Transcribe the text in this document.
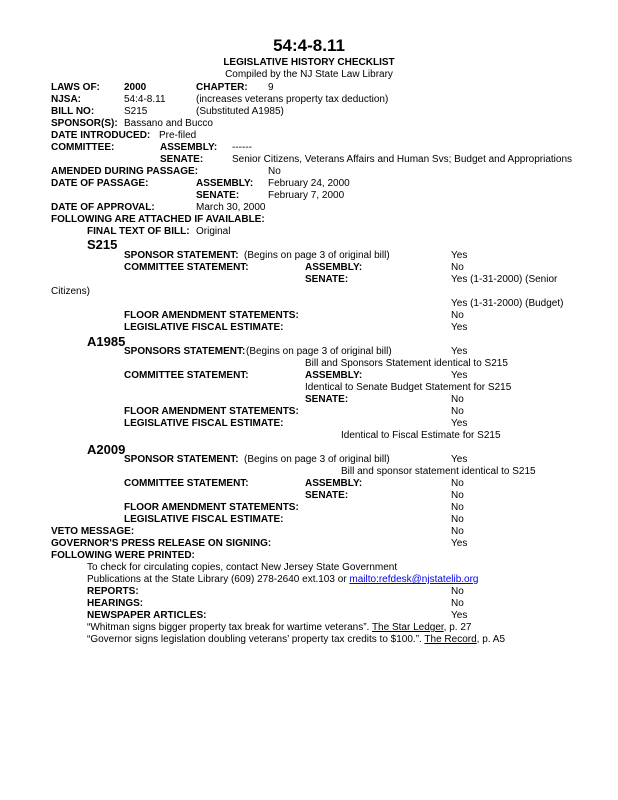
54:4-8.11
LEGISLATIVE HISTORY CHECKLIST
Compiled by the NJ State Law Library
LAWS OF: 2000	CHAPTER: 9
NJSA:	54:4-8.11	(increases veterans property tax deduction)
BILL NO:	S215	(Substituted A1985)
SPONSOR(S): Bassano and Bucco
DATE INTRODUCED: Pre-filed
COMMITTEE:	ASSEMBLY: ------
SENATE:	Senior Citizens, Veterans Affairs and Human Svs; Budget and Appropriations
AMENDED DURING PASSAGE:	No
DATE OF PASSAGE:	ASSEMBLY: February 24, 2000
SENATE:	February 7, 2000
DATE OF APPROVAL:	March 30, 2000
FOLLOWING ARE ATTACHED IF AVAILABLE:
FINAL TEXT OF BILL: Original
S215
SPONSOR STATEMENT: (Begins on page 3 of original bill)	Yes
COMMITTEE STATEMENT:	ASSEMBLY:	No
SENATE:	Yes (1-31-2000) (Senior
Citizens)
Yes (1-31-2000) (Budget)
FLOOR AMENDMENT STATEMENTS:	No
LEGISLATIVE FISCAL ESTIMATE:	Yes
A1985
SPONSORS STATEMENT: (Begins on page 3 of original bill)	Yes
Bill and Sponsors Statement identical to S215
COMMITTEE STATEMENT:	ASSEMBLY:	Yes
Identical to Senate Budget Statement for S215
SENATE:	No
FLOOR AMENDMENT STATEMENTS:	No
LEGISLATIVE FISCAL ESTIMATE:	Yes
Identical to Fiscal Estimate for S215
A2009
SPONSOR STATEMENT: (Begins on page 3 of original bill)	Yes
Bill and sponsor statement identical to S215
COMMITTEE STATEMENT:	ASSEMBLY:	No
SENATE:	No
FLOOR AMENDMENT STATEMENTS:	No
LEGISLATIVE FISCAL ESTIMATE:	No
VETO MESSAGE:	No
GOVERNOR'S PRESS RELEASE ON SIGNING:	Yes
FOLLOWING WERE PRINTED:
To check for circulating copies, contact New Jersey State Government
Publications at the State Library (609) 278-2640 ext.103 or mailto:refdesk@njstatelib.org
REPORTS:	No
HEARINGS:	No
NEWSPAPER ARTICLES:	Yes
“Whitman signs bigger property tax break for wartime veterans”. The Star Ledger, p. 27
“Governor signs legislation doubling veterans’ property tax credits to $100.”. The Record, p. A5
